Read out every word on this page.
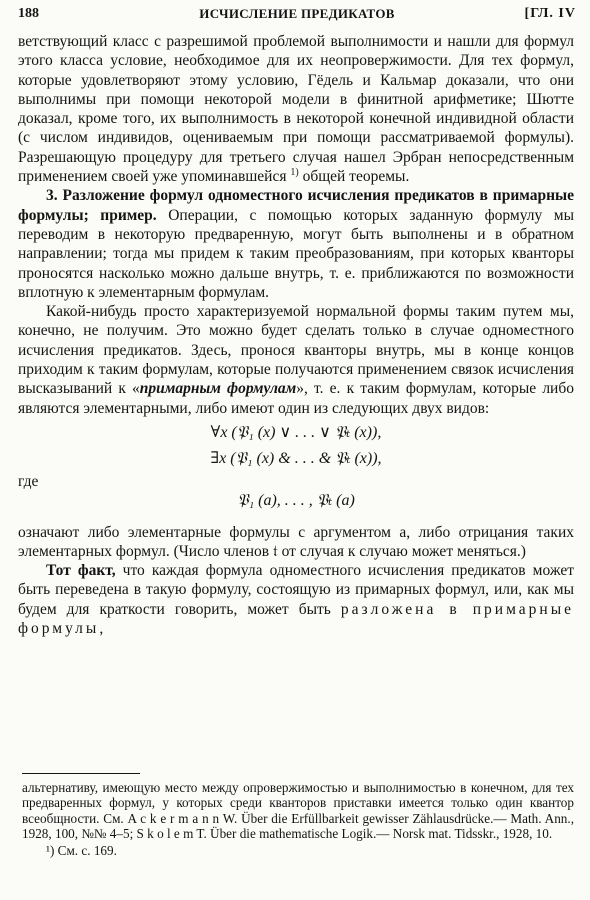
188	ИСЧИСЛЕНИЕ ПРЕДИКАТОВ	[ГЛ. IV

ветствующий класс с разрешимой проблемой выполнимости и нашли для формул этого класса условие, необходимое для их неопровержимости. Для тех формул, которые удовлетворяют этому условию, Гёдель и Кальмар доказали, что они выполнимы при помощи некоторой модели в финитной арифметике; Шютте доказал, кроме того, их выполнимость в некоторой конечной индивидной области (с числом индивидов, оцениваемым при помощи рассматриваемой формулы). Разрешающую процедуру для третьего случая нашел Эрбран непосредственным применением своей уже упоминавшейся $^{1)}$ общей теоремы.

3. Разложение формул одноместного исчисления предикатов в примарные формулы; пример. Операции, с помощью которых заданную формулу мы переводим в некоторую предваренную, могут быть выполнены и в обратном направлении; тогда мы придем к таким преобразованиям, при которых кванторы проносятся насколько можно дальше внутрь, т. е. приближаются по возможности вплотную к элементарным формулам.

Какой-нибудь просто характеризуемой нормальной формы таким путем мы, конечно, не получим. Это можно будет сделать только в случае одноместного исчисления предикатов. Здесь, пронося кванторы внутрь, мы в конце концов приходим к таким формулам, которые получаются применением связок исчисления высказываний к «примарным формулам», т. е. к таким формулам, которые либо являются элементарными, либо имеют один из следующих двух видов:

∀x (𝔓₁ (x) ∨ . . . ∨ 𝔓ₜ (x)),
∃x (𝔓₁ (x) & . . . & 𝔓ₜ (x)),

где

𝔓₁ (a), . . . , 𝔓ₜ (a)

означают либо элементарные формулы с аргументом a, либо отрицания таких элементарных формул. (Число членов 𝔱 от случая к случаю может меняться.)

Тот факт, что каждая формула одноместного исчисления предикатов может быть переведена в такую формулу, состоящую из примарных формул, или, как мы будем для краткости говорить, может быть разложена в примарные формулы,

альтернативу, имеющую место между опровержимостью и выполнимостью в конечном, для тех предваренных формул, у которых среди кванторов приставки имеется только один квантор всеобщности. См. A c k e r m a n n W. Über die Erfüllbarkeit gewisser Zählausdrücke.— Math. Ann., 1928, 100, №№ 4–5; S k o l e m T. Über die mathematische Logik.— Norsk mat. Tidsskr., 1928, 10.

¹) См. с. 169.
